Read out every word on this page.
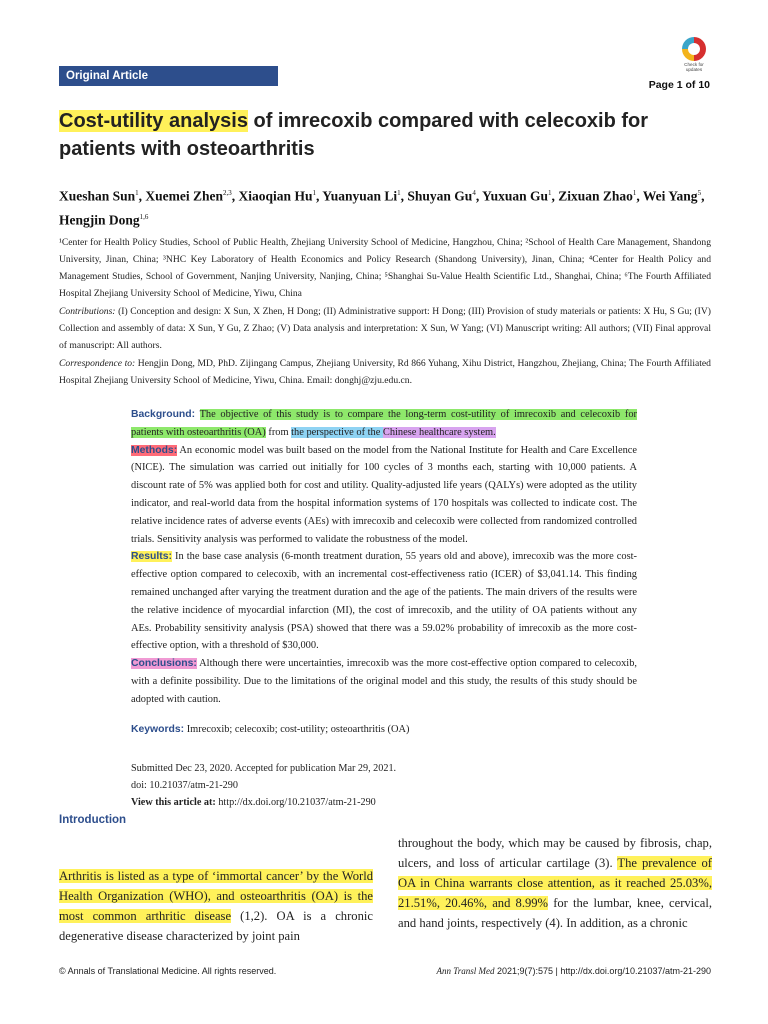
Original Article
Check for updates
Page 1 of 10
Cost-utility analysis of imrecoxib compared with celecoxib for patients with osteoarthritis
Xueshan Sun$^1$, Xuemei Zhen$^{2,3}$, Xiaoqian Hu$^1$, Yuanyuan Li$^1$, Shuyan Gu$^4$, Yuxuan Gu$^1$, Zixuan Zhao$^1$, Wei Yang$^5$, Hengjin Dong$^{1,6}$
¹Center for Health Policy Studies, School of Public Health, Zhejiang University School of Medicine, Hangzhou, China; ²School of Health Care Management, Shandong University, Jinan, China; ³NHC Key Laboratory of Health Economics and Policy Research (Shandong University), Jinan, China; ⁴Center for Health Policy and Management Studies, School of Government, Nanjing University, Nanjing, China; ⁵Shanghai Su-Value Health Scientific Ltd., Shanghai, China; ⁶The Fourth Affiliated Hospital Zhejiang University School of Medicine, Yiwu, China
Contributions: (I) Conception and design: X Sun, X Zhen, H Dong; (II) Administrative support: H Dong; (III) Provision of study materials or patients: X Hu, S Gu; (IV) Collection and assembly of data: X Sun, Y Gu, Z Zhao; (V) Data analysis and interpretation: X Sun, W Yang; (VI) Manuscript writing: All authors; (VII) Final approval of manuscript: All authors.
Correspondence to: Hengjin Dong, MD, PhD. Zijingang Campus, Zhejiang University, Rd 866 Yuhang, Xihu District, Hangzhou, Zhejiang, China; The Fourth Affiliated Hospital Zhejiang University School of Medicine, Yiwu, China. Email: donghj@zju.edu.cn.

Background: The objective of this study is to compare the long-term cost-utility of imrecoxib and celecoxib for patients with osteoarthritis (OA) from the perspective of the Chinese healthcare system.

Methods: An economic model was built based on the model from the National Institute for Health and Care Excellence (NICE). The simulation was carried out initially for 100 cycles of 3 months each, starting with 10,000 patients. A discount rate of 5% was applied both for cost and utility. Quality-adjusted life years (QALYs) were adopted as the utility indicator, and real-world data from the hospital information systems of 170 hospitals was collected to indicate cost. The relative incidence rates of adverse events (AEs) with imrecoxib and celecoxib were collected from randomized controlled trials. Sensitivity analysis was performed to validate the robustness of the model.

Results: In the base case analysis (6-month treatment duration, 55 years old and above), imrecoxib was the more cost-effective option compared to celecoxib, with an incremental cost-effectiveness ratio (ICER) of $3,041.14. This finding remained unchanged after varying the treatment duration and the age of the patients. The main drivers of the results were the relative incidence of myocardial infarction (MI), the cost of imrecoxib, and the utility of OA patients without any AEs. Probability sensitivity analysis (PSA) showed that there was a 59.02% probability of imrecoxib as the more cost-effective option, with a threshold of $30,000.

Conclusions: Although there were uncertainties, imrecoxib was the more cost-effective option compared to celecoxib, with a definite possibility. Due to the limitations of the original model and this study, the results of this study should be adopted with caution.

Keywords: Imrecoxib; celecoxib; cost-utility; osteoarthritis (OA)
Submitted Dec 23, 2020. Accepted for publication Mar 29, 2021.
doi: 10.21037/atm-21-290
View this article at: http://dx.doi.org/10.21037/atm-21-290
Introduction
Arthritis is listed as a type of ‘immortal cancer’ by the World Health Organization (WHO), and osteoarthritis (OA) is the most common arthritic disease (1,2). OA is a chronic degenerative disease characterized by joint pain
throughout the body, which may be caused by fibrosis, chap, ulcers, and loss of articular cartilage (3). The prevalence of OA in China warrants close attention, as it reached 25.03%, 21.51%, 20.46%, and 8.99% for the lumbar, knee, cervical, and hand joints, respectively (4). In addition, as a chronic
© Annals of Translational Medicine. All rights reserved.	Ann Transl Med 2021;9(7):575 | http://dx.doi.org/10.21037/atm-21-290
